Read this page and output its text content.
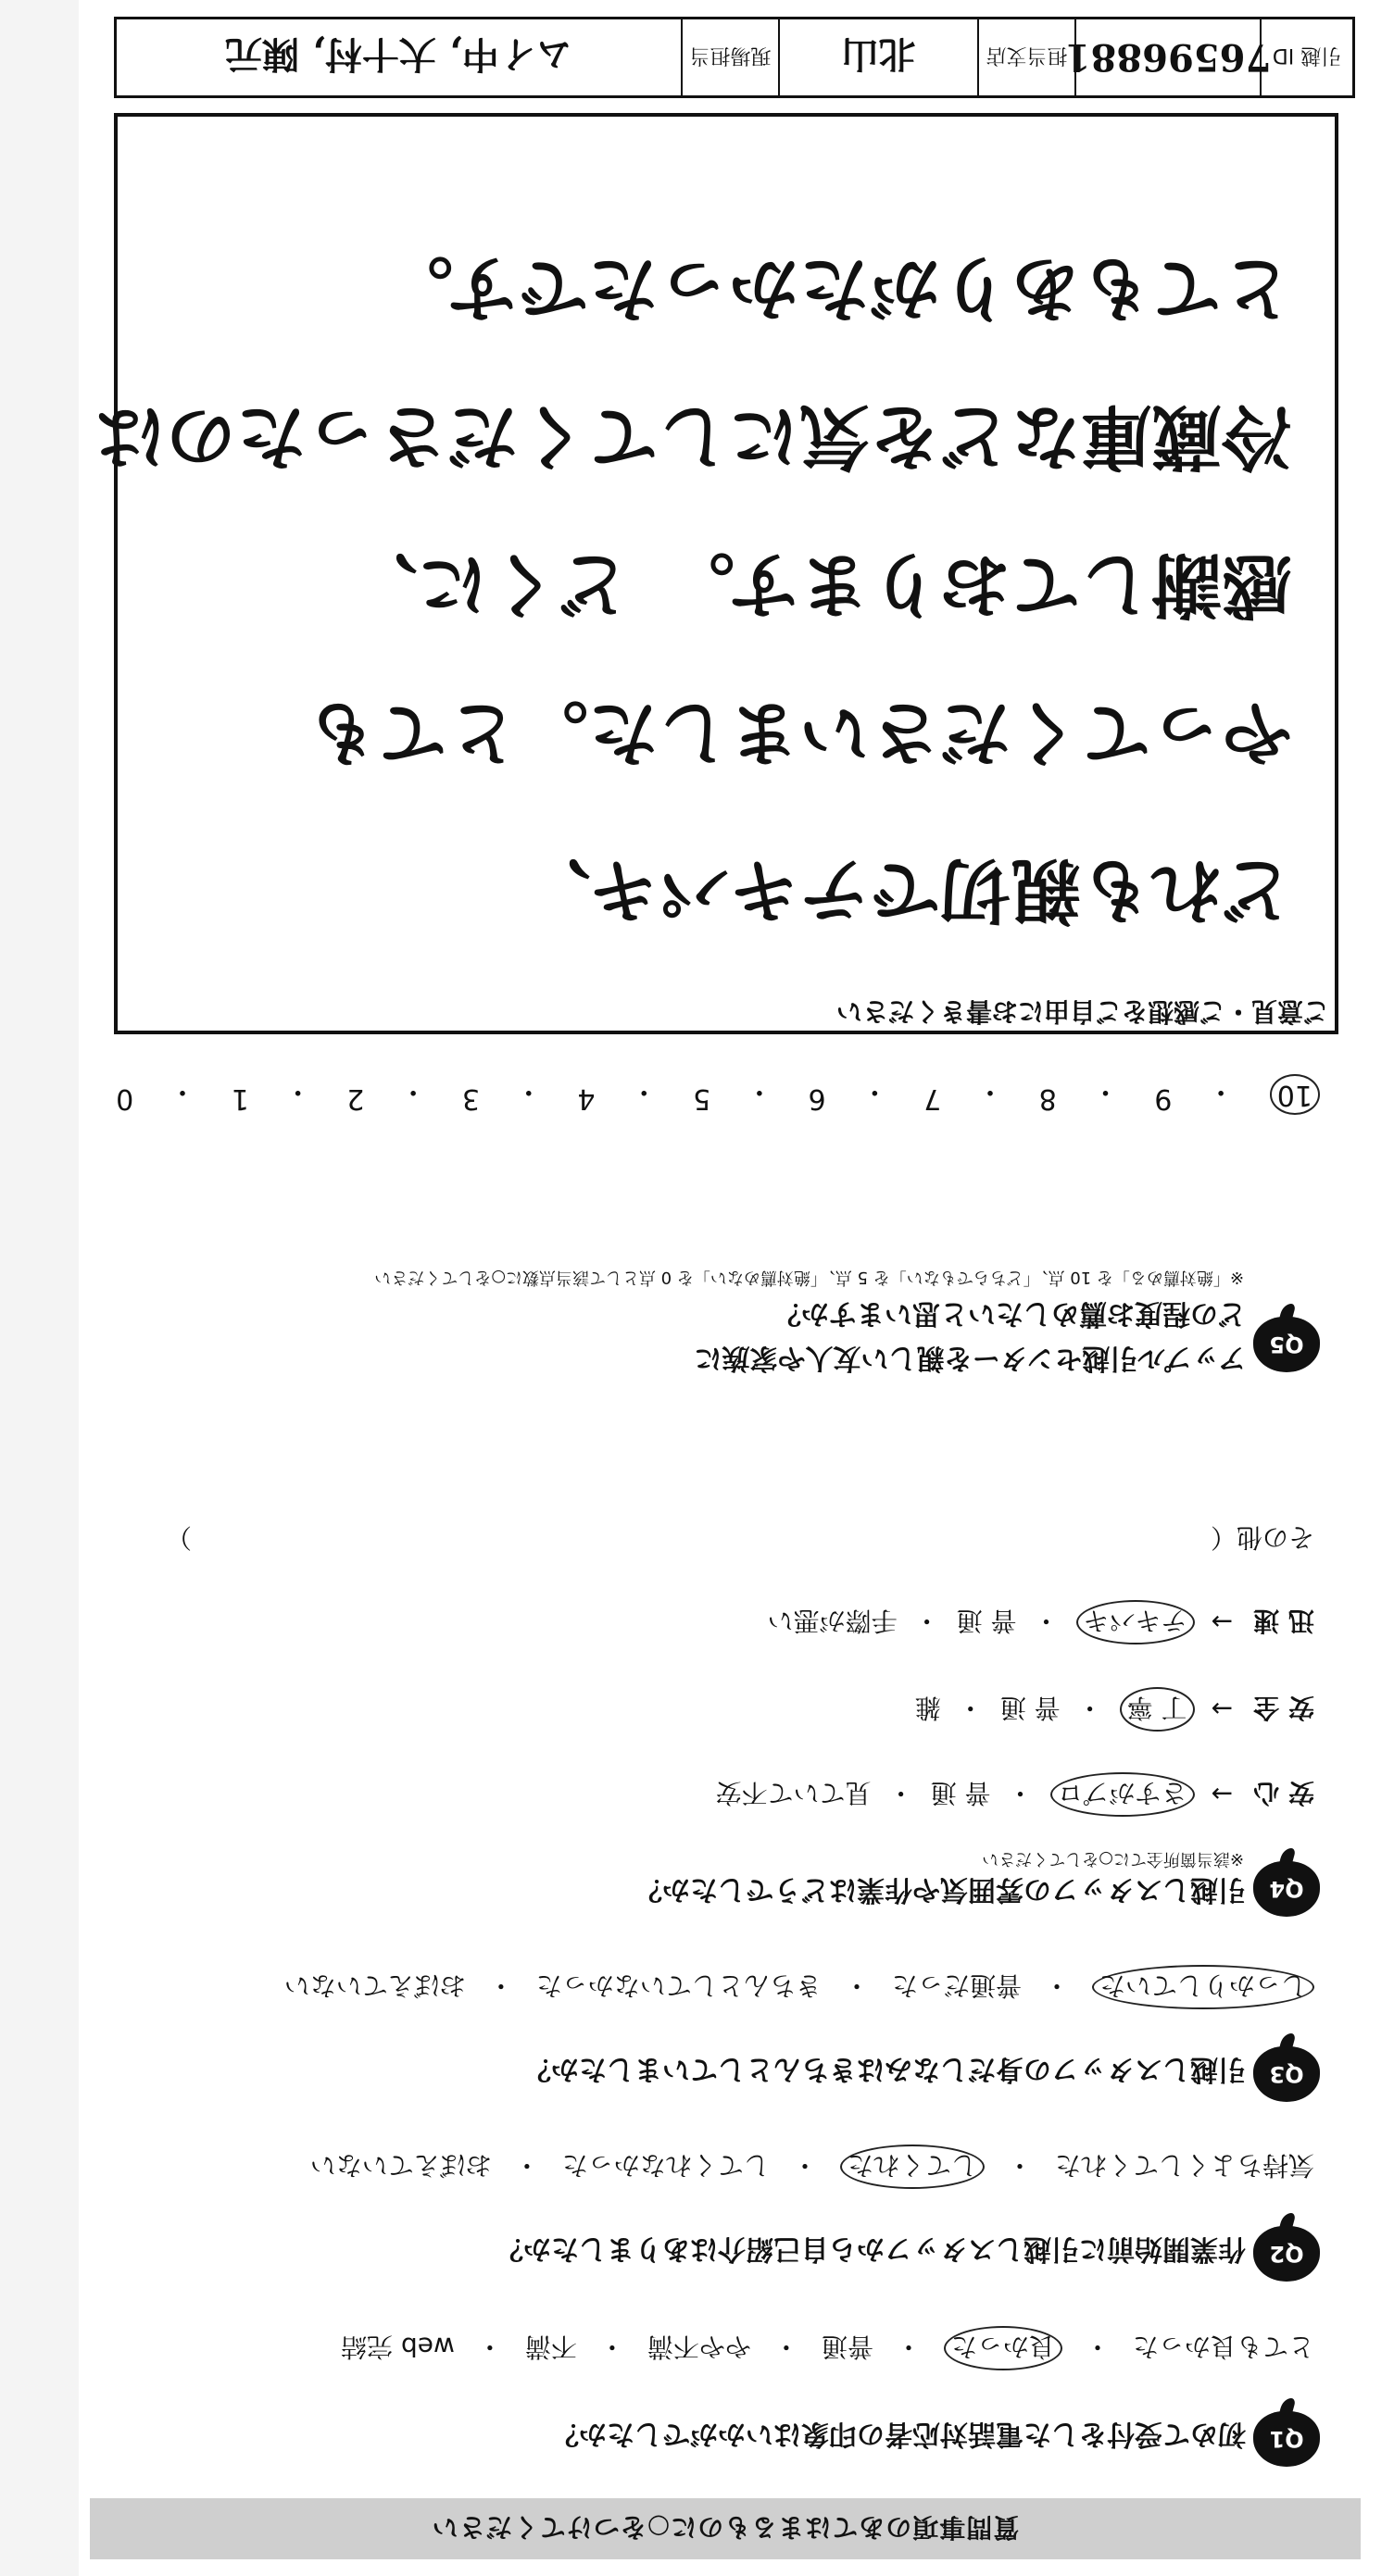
質問事項のあてはまるものに○をつけてください
Q1
初めて受付をした電話対応者の印象はいかがでしたか？
とても良かった
・
良かった
・
普通
・
やや不満
・
不満
・
web 完結
Q2
作業開始前に引越しスタッフから自己紹介はありましたか？
気持ちよくしてくれた
・
してくれた
・
してくれなかった
・
おぼえていない
Q3
引越しスタッフの身だしなみはきちんとしていましたか？
しっかりしていた
・
普通だった
・
きちんとしていなかった
・
おぼえていない
Q4
引越しスタッフの雰囲気や作業はどうでしたか？
※該当箇所全てに○をしてください
安 心
→
さすがプロ
・
普 通
・
見ていて不安
安 全
→
丁 寧
・
普 通
・
雑
迅 速
→
テキパキ
・
普 通
・
手際が悪い
その他（
）
Q5
アップル引越センターを親しい友人や家族に
どの程度お薦めしたいと思いますか？
※「絶対薦める」を 10 点、「どちらでもない」を 5 点、「絶対薦めない」を 0 点として該当点数に○をしてください
10
・
9
・
8
・
7
・
6
・
5
・
4
・
3
・
2
・
1
・
0
ご意見・ご感想をご自由にお書きください
どれも親切でテキパキ、
やってくださいました。とても
感謝しております。　どくに、
冷蔵庫などを気にしてくださったのは
とてもありがたかったです。
引越 ID
76596881
担当支店
北山
現場担当
ムイ中, 大十村, 陳元
